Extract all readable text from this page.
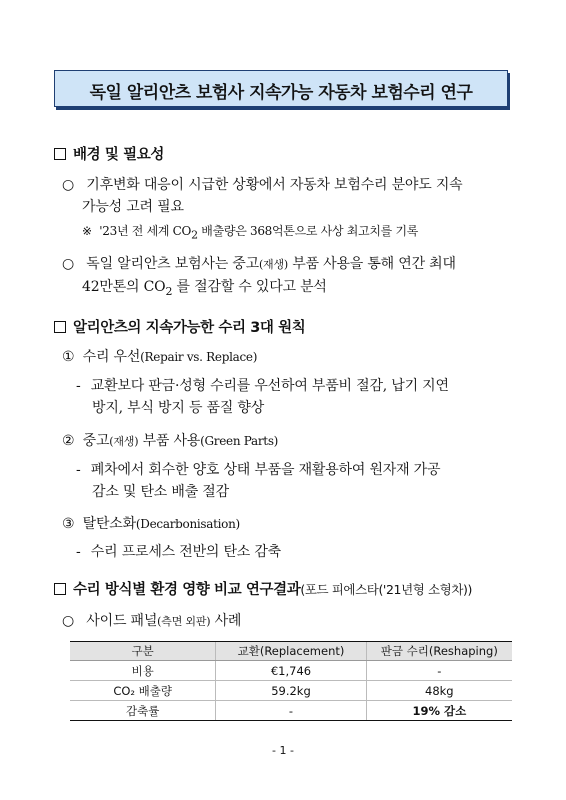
독일 알리안츠 보험사 지속가능 자동차 보험수리 연구
배경 및 필요성
○ 기후변화 대응이 시급한 상황에서 자동차 보험수리 분야도 지속
가능성 고려 필요
※ '23년 전 세계 $CO_2$ 배출량은 368억톤으로 사상 최고치를 기록
○ 독일 알리안츠 보험사는 중고(재생) 부품 사용을 통해 연간 최대
42만톤의 $CO_2$ 를 절감할 수 있다고 분석
알리안츠의 지속가능한 수리 3대 원칙
① 수리 우선(Repair vs. Replace)
- 교환보다 판금·성형 수리를 우선하여 부품비 절감, 납기 지연
방지, 부식 방지 등 품질 향상
② 중고(재생) 부품 사용(Green Parts)
- 폐차에서 회수한 양호 상태 부품을 재활용하여 원자재 가공
감소 및 탄소 배출 절감
③ 탈탄소화(Decarbonisation)
- 수리 프로세스 전반의 탄소 감축
수리 방식별 환경 영향 비교 연구결과(포드 피에스타('21년형 소형차))
○ 사이드 패널(측면 외판) 사례
구분	교환(Replacement)	판금 수리(Reshaping)
비용	€1,746	-
CO₂ 배출량	59.2kg	48kg
감축률	-	19% 감소
- 1 -
